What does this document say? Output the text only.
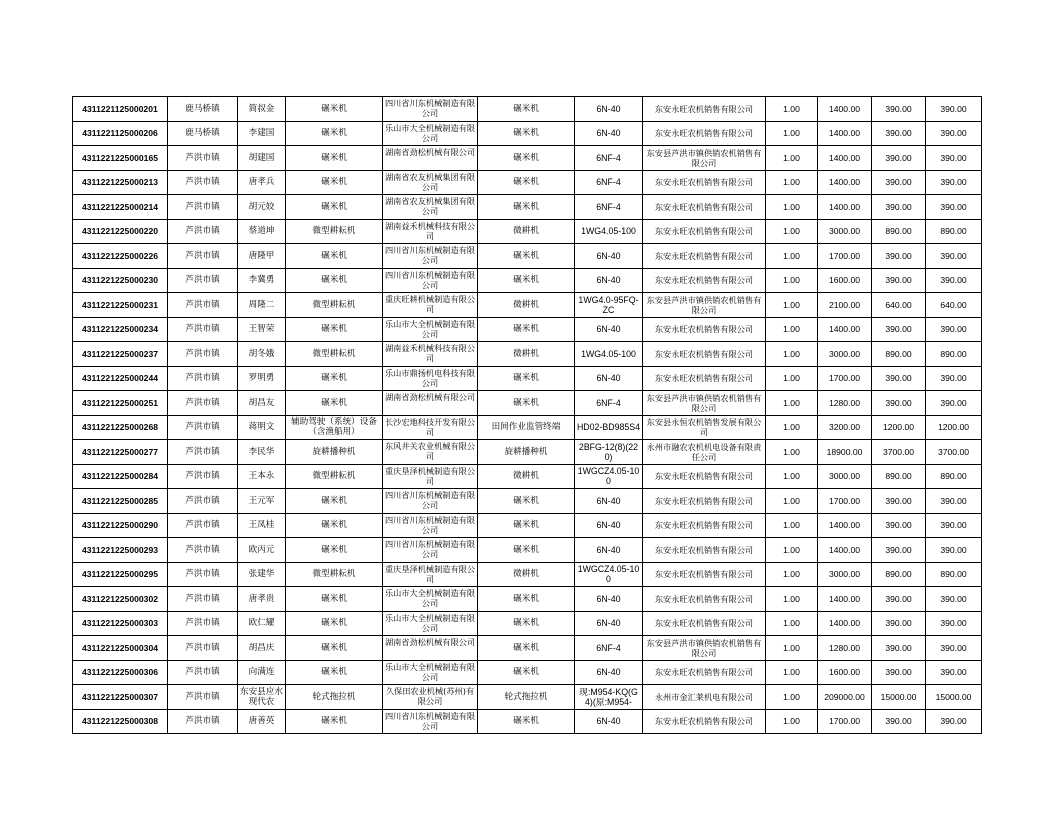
4311221125000201	鹿马桥镇	简叔金	碾米机	四川省川东机械制造有限公司	碾米机	6N-40	东安永旺农机销售有限公司	1.00	1400.00	390.00	390.00
4311221125000206	鹿马桥镇	李建国	碾米机	乐山市大全机械制造有限公司	碾米机	6N-40	东安永旺农机销售有限公司	1.00	1400.00	390.00	390.00
4311221225000165	芦洪市镇	胡建国	碾米机	湖南省劲松机械有限公司	碾米机	6NF-4	东安县芦洪市镇供销农机销售有限公司	1.00	1400.00	390.00	390.00
4311221225000213	芦洪市镇	唐孝兵	碾米机	湖南省农友机械集团有限公司	碾米机	6NF-4	东安永旺农机销售有限公司	1.00	1400.00	390.00	390.00
4311221225000214	芦洪市镇	胡元姣	碾米机	湖南省农友机械集团有限公司	碾米机	6NF-4	东安永旺农机销售有限公司	1.00	1400.00	390.00	390.00
4311221225000220	芦洪市镇	蔡道坤	微型耕耘机	湖南益禾机械科技有限公司	微耕机	1WG4.05-100	东安永旺农机销售有限公司	1.00	3000.00	890.00	890.00
4311221225000226	芦洪市镇	唐隆甲	碾米机	四川省川东机械制造有限公司	碾米机	6N-40	东安永旺农机销售有限公司	1.00	1700.00	390.00	390.00
4311221225000230	芦洪市镇	李冀勇	碾米机	四川省川东机械制造有限公司	碾米机	6N-40	东安永旺农机销售有限公司	1.00	1600.00	390.00	390.00
4311221225000231	芦洪市镇	周隆二	微型耕耘机	重庆旺耕机械制造有限公司	微耕机	1WG4.0-95FQ-ZC	东安县芦洪市镇供销农机销售有限公司	1.00	2100.00	640.00	640.00
4311221225000234	芦洪市镇	王智荣	碾米机	乐山市大全机械制造有限公司	碾米机	6N-40	东安永旺农机销售有限公司	1.00	1400.00	390.00	390.00
4311221225000237	芦洪市镇	胡冬娥	微型耕耘机	湖南益禾机械科技有限公司	微耕机	1WG4.05-100	东安永旺农机销售有限公司	1.00	3000.00	890.00	890.00
4311221225000244	芦洪市镇	罗明勇	碾米机	乐山市鼎扬机电科技有限公司	碾米机	6N-40	东安永旺农机销售有限公司	1.00	1700.00	390.00	390.00
4311221225000251	芦洪市镇	胡昌友	碾米机	湖南省劲松机械有限公司	碾米机	6NF-4	东安县芦洪市镇供销农机销售有限公司	1.00	1280.00	390.00	390.00
4311221225000268	芦洪市镇	蒋明文	辅助驾驶（系统）设备（含渔船用）	长沙宏地科技开发有限公司	田间作业监管终端	HD02-BD985S4	东安县永恒农机销售发展有限公司	1.00	3200.00	1200.00	1200.00
4311221225000277	芦洪市镇	李民华	旋耕播种机	东风井关农业机械有限公司	旋耕播种机	2BFG-12(8)(220)	永州市融农农机机电设备有限责任公司	1.00	18900.00	3700.00	3700.00
4311221225000284	芦洪市镇	王本永	微型耕耘机	重庆垦泽机械制造有限公司	微耕机	1WGCZ4.05-100	东安永旺农机销售有限公司	1.00	3000.00	890.00	890.00
4311221225000285	芦洪市镇	王元军	碾米机	四川省川东机械制造有限公司	碾米机	6N-40	东安永旺农机销售有限公司	1.00	1700.00	390.00	390.00
4311221225000290	芦洪市镇	王凤桂	碾米机	四川省川东机械制造有限公司	碾米机	6N-40	东安永旺农机销售有限公司	1.00	1400.00	390.00	390.00
4311221225000293	芦洪市镇	欧丙元	碾米机	四川省川东机械制造有限公司	碾米机	6N-40	东安永旺农机销售有限公司	1.00	1400.00	390.00	390.00
4311221225000295	芦洪市镇	张建华	微型耕耘机	重庆垦泽机械制造有限公司	微耕机	1WGCZ4.05-100	东安永旺农机销售有限公司	1.00	3000.00	890.00	890.00
4311221225000302	芦洪市镇	唐孝贵	碾米机	乐山市大全机械制造有限公司	碾米机	6N-40	东安永旺农机销售有限公司	1.00	1400.00	390.00	390.00
4311221225000303	芦洪市镇	欧仁耀	碾米机	乐山市大全机械制造有限公司	碾米机	6N-40	东安永旺农机销售有限公司	1.00	1400.00	390.00	390.00
4311221225000304	芦洪市镇	胡昌庆	碾米机	湖南省劲松机械有限公司	碾米机	6NF-4	东安县芦洪市镇供销农机销售有限公司	1.00	1280.00	390.00	390.00
4311221225000306	芦洪市镇	向满连	碾米机	乐山市大全机械制造有限公司	碾米机	6N-40	东安永旺农机销售有限公司	1.00	1600.00	390.00	390.00
4311221225000307	芦洪市镇	东安县应水现代农	轮式拖拉机	久保田农业机械(苏州)有限公司	轮式拖拉机	现:M954-KQ(G4)(原:M954-	永州市金汇莱机电有限公司	1.00	209000.00	15000.00	15000.00
4311221225000308	芦洪市镇	唐善英	碾米机	四川省川东机械制造有限公司	碾米机	6N-40	东安永旺农机销售有限公司	1.00	1700.00	390.00	390.00
